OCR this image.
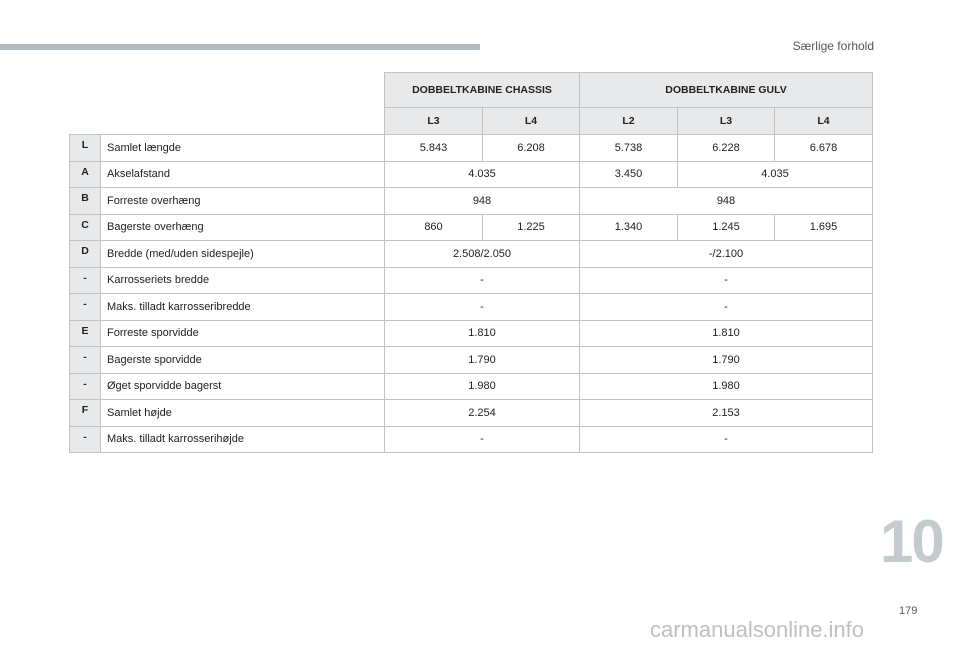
Særlige forhold
		DOBBELTKABINE CHASSIS		DOBBELTKABINE GULV		
		L3	L4	L2	L3	L4
L	Samlet længde	5.843	6.208	5.738	6.228	6.678
A	Akselafstand	4.035		3.450	4.035	
B	Forreste overhæng	948		948		
C	Bagerste overhæng	860	1.225	1.340	1.245	1.695
D	Bredde (med/uden sidespejle)	2.508/2.050		-/2.100		
-	Karrosseriets bredde	-		-		
-	Maks. tilladt karrosseribredde	-		-		
E	Forreste sporvidde	1.810		1.810		
-	Bagerste sporvidde	1.790		1.790		
-	Øget sporvidde bagerst	1.980		1.980		
F	Samlet højde	2.254		2.153		
-	Maks. tilladt karrosserihøjde	-		-		
10
179
carmanualsonline.info
